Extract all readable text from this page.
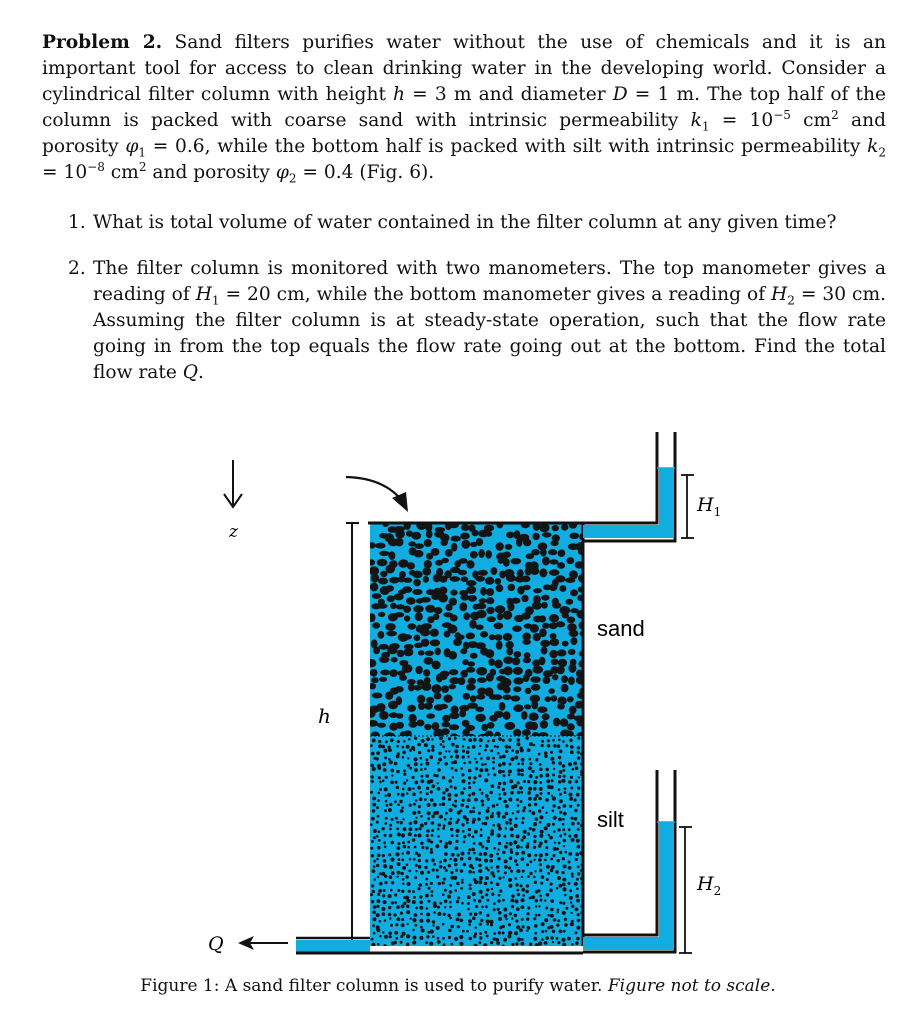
Problem 2. Sand filters purifies water without the use of chemicals and it is an important tool for access to clean drinking water in the developing world. Consider a cylindrical filter column with height h = 3 m and diameter D = 1 m. The top half of the column is packed with coarse sand with intrinsic permeability $k_1 = 10^{-5}$ $cm^2$ and porosity $\varphi_1 = 0.6$, while the bottom half is packed with silt with intrinsic permeability $k_2 = 10^{-8}$ $cm^2$ and porosity $\varphi_2 = 0.4$ (Fig. 6).

1. What is total volume of water contained in the filter column at any given time?

2. The filter column is monitored with two manometers. The top manometer gives a reading of $H_1 = 20$ cm, while the bottom manometer gives a reading of $H_2 = 30$ cm. Assuming the filter column is at steady-state operation, such that the flow rate going in from the top equals the flow rate going out at the bottom. Find the total flow rate Q.

z
h
$H_1$
sand
silt
$H_2$
Q

Figure 1: A sand filter column is used to purify water. Figure not to scale.
